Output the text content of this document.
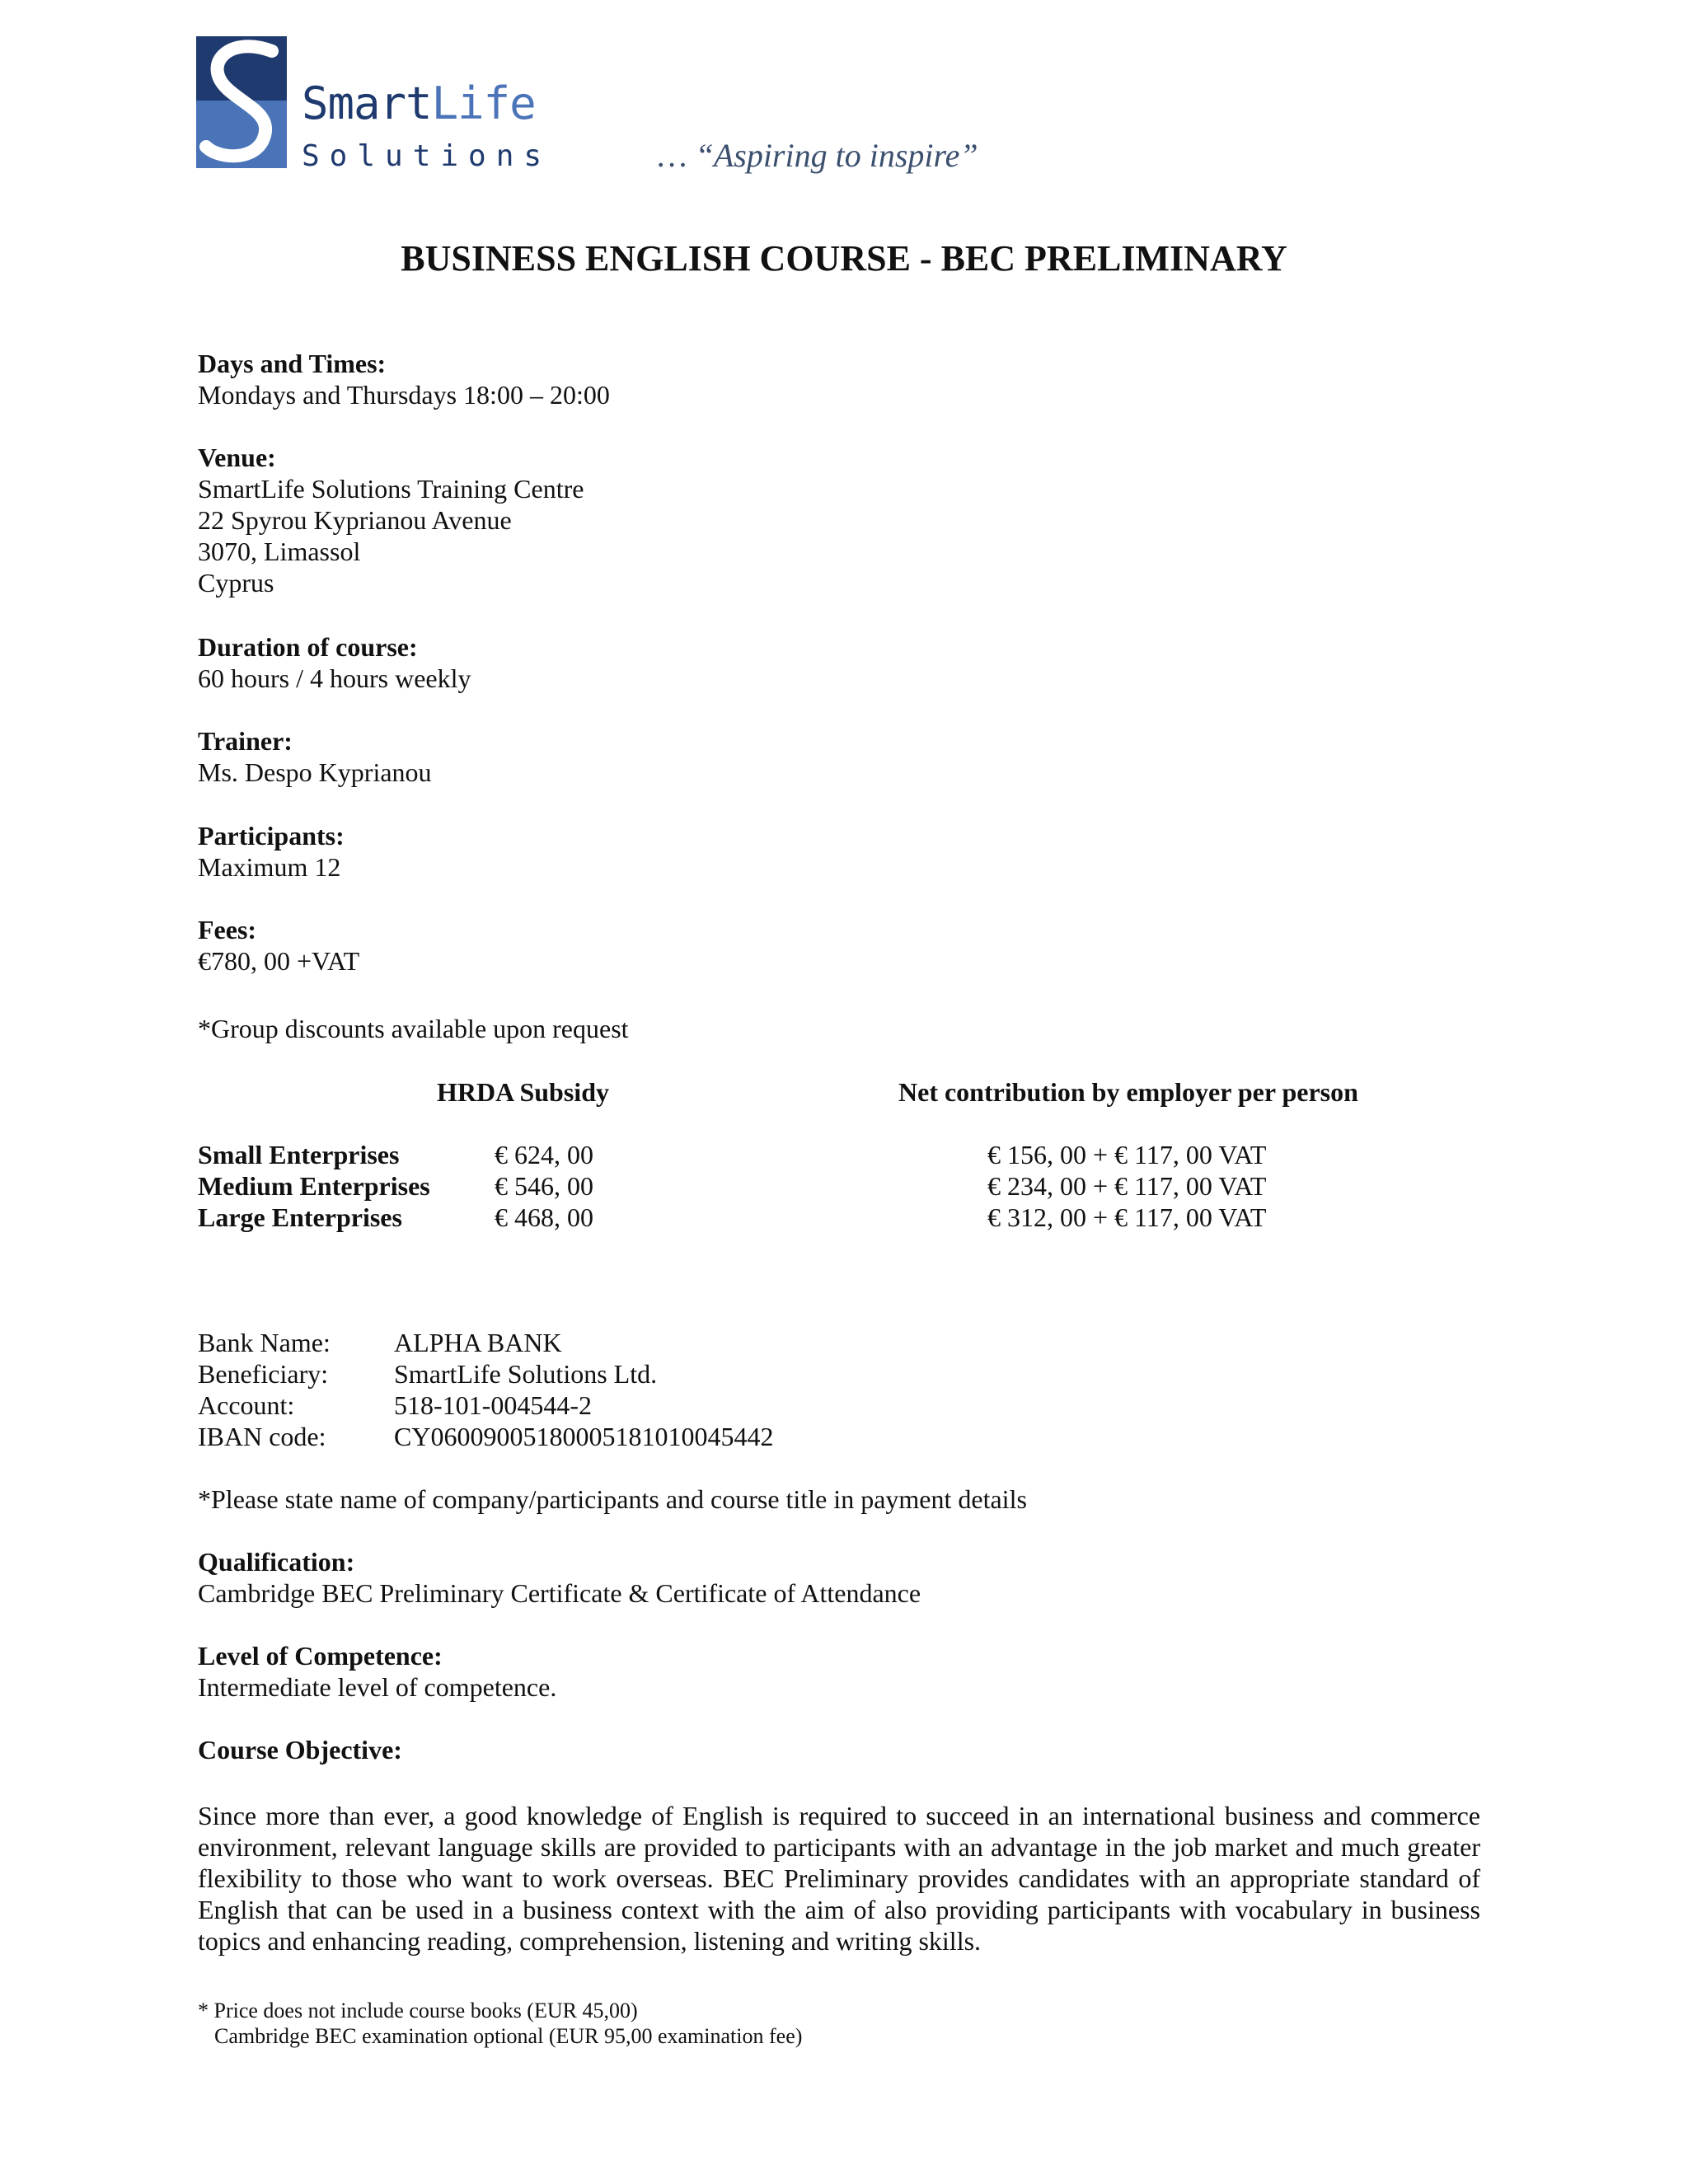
SmartLife
Solutions	… “Aspiring to inspire”
BUSINESS ENGLISH COURSE - BEC PRELIMINARY
Days and Times:
Mondays and Thursdays 18:00 – 20:00
Venue:
SmartLife Solutions Training Centre
22 Spyrou Kyprianou Avenue
3070, Limassol
Cyprus
Duration of course:
60 hours / 4 hours weekly
Trainer:
Ms. Despo Kyprianou
Participants:
Maximum 12
Fees:
€780, 00 +VAT
*Group discounts available upon request
HRDA Subsidy	Net contribution by employer per person
Small Enterprises	€ 624, 00	€ 156, 00 + € 117, 00 VAT
Medium Enterprises € 546, 00	€ 234, 00 + € 117, 00 VAT
Large Enterprises	€ 468, 00	€ 312, 00 + € 117, 00 VAT
Bank Name: ALPHA BANK
Beneficiary: SmartLife Solutions Ltd.
Account:	518-101-004544-2
IBAN code:	CY06009005180005181010045442
*Please state name of company/participants and course title in payment details
Qualification:
Cambridge BEC Preliminary Certificate & Certificate of Attendance
Level of Competence:
Intermediate level of competence.
Course Objective:
Since more than ever, a good knowledge of English is required to succeed in an international business and commerce environment, relevant language skills are provided to participants with an advantage in the job market and much greater flexibility to those who want to work overseas. BEC Preliminary provides candidates with an appropriate standard of English that can be used in a business context with the aim of also providing participants with vocabulary in business topics and enhancing reading, comprehension, listening and writing skills.
* Price does not include course books (EUR 45,00)
Cambridge BEC examination optional (EUR 95,00 examination fee)
